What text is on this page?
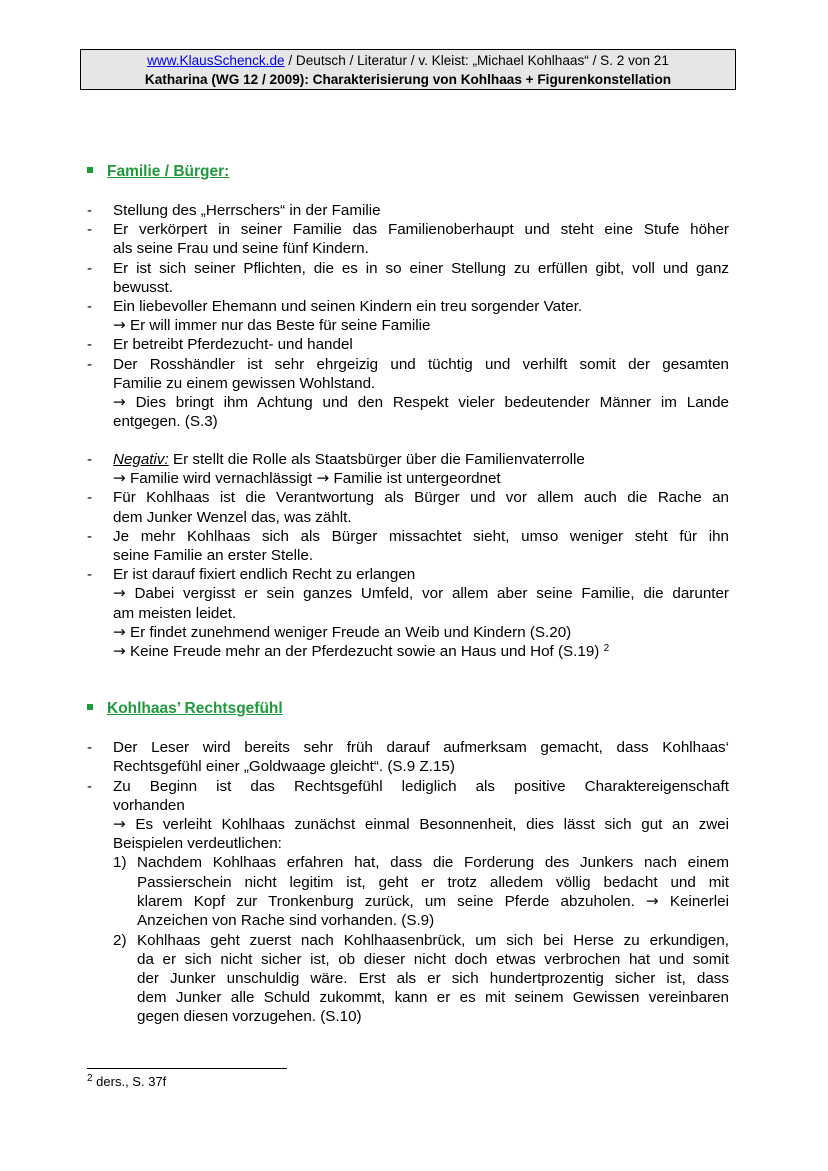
www.KlausSchenck.de / Deutsch / Literatur / v. Kleist: „Michael Kohlhaas“ / S. 2 von 21
Katharina (WG 12 / 2009): Charakterisierung von Kohlhaas + Figurenkonstellation
Familie / Bürger:
- Stellung des „Herrschers“ in der Familie
- Er verkörpert in seiner Familie das Familienoberhaupt und steht eine Stufe höher
als seine Frau und seine fünf Kindern.
- Er ist sich seiner Pflichten, die es in so einer Stellung zu erfüllen gibt, voll und ganz
bewusst.
- Ein liebevoller Ehemann und seinen Kindern ein treu sorgender Vater.
→ Er will immer nur das Beste für seine Familie
- Er betreibt Pferdezucht- und handel
- Der Rosshändler ist sehr ehrgeizig und tüchtig und verhilft somit der gesamten
Familie zu einem gewissen Wohlstand.
→ Dies bringt ihm Achtung und den Respekt vieler bedeutender Männer im Lande
entgegen. (S.3)
- Negativ: Er stellt die Rolle als Staatsbürger über die Familienvaterrolle
→ Familie wird vernachlässigt → Familie ist untergeordnet
- Für Kohlhaas ist die Verantwortung als Bürger und vor allem auch die Rache an
dem Junker Wenzel das, was zählt.
- Je mehr Kohlhaas sich als Bürger missachtet sieht, umso weniger steht für ihn
seine Familie an erster Stelle.
- Er ist darauf fixiert endlich Recht zu erlangen
→ Dabei vergisst er sein ganzes Umfeld, vor allem aber seine Familie, die darunter
am meisten leidet.
→ Er findet zunehmend weniger Freude an Weib und Kindern (S.20)
→ Keine Freude mehr an der Pferdezucht sowie an Haus und Hof (S.19) $^2$
Kohlhaas’ Rechtsgefühl
- Der Leser wird bereits sehr früh darauf aufmerksam gemacht, dass Kohlhaas‘
Rechtsgefühl einer „Goldwaage gleicht“. (S.9 Z.15)
- Zu Beginn ist das Rechtsgefühl lediglich als positive Charaktereigenschaft
vorhanden
→ Es verleiht Kohlhaas zunächst einmal Besonnenheit, dies lässt sich gut an zwei
Beispielen verdeutlichen:
1) Nachdem Kohlhaas erfahren hat, dass die Forderung des Junkers nach einem
Passierschein nicht legitim ist, geht er trotz alledem völlig bedacht und mit
klarem Kopf zur Tronkenburg zurück, um seine Pferde abzuholen. → Keinerlei
Anzeichen von Rache sind vorhanden. (S.9)
2) Kohlhaas geht zuerst nach Kohlhaasenbrück, um sich bei Herse zu erkundigen,
da er sich nicht sicher ist, ob dieser nicht doch etwas verbrochen hat und somit
der Junker unschuldig wäre. Erst als er sich hundertprozentig sicher ist, dass
dem Junker alle Schuld zukommt, kann er es mit seinem Gewissen vereinbaren
gegen diesen vorzugehen. (S.10)
$^2$ ders., S. 37f
